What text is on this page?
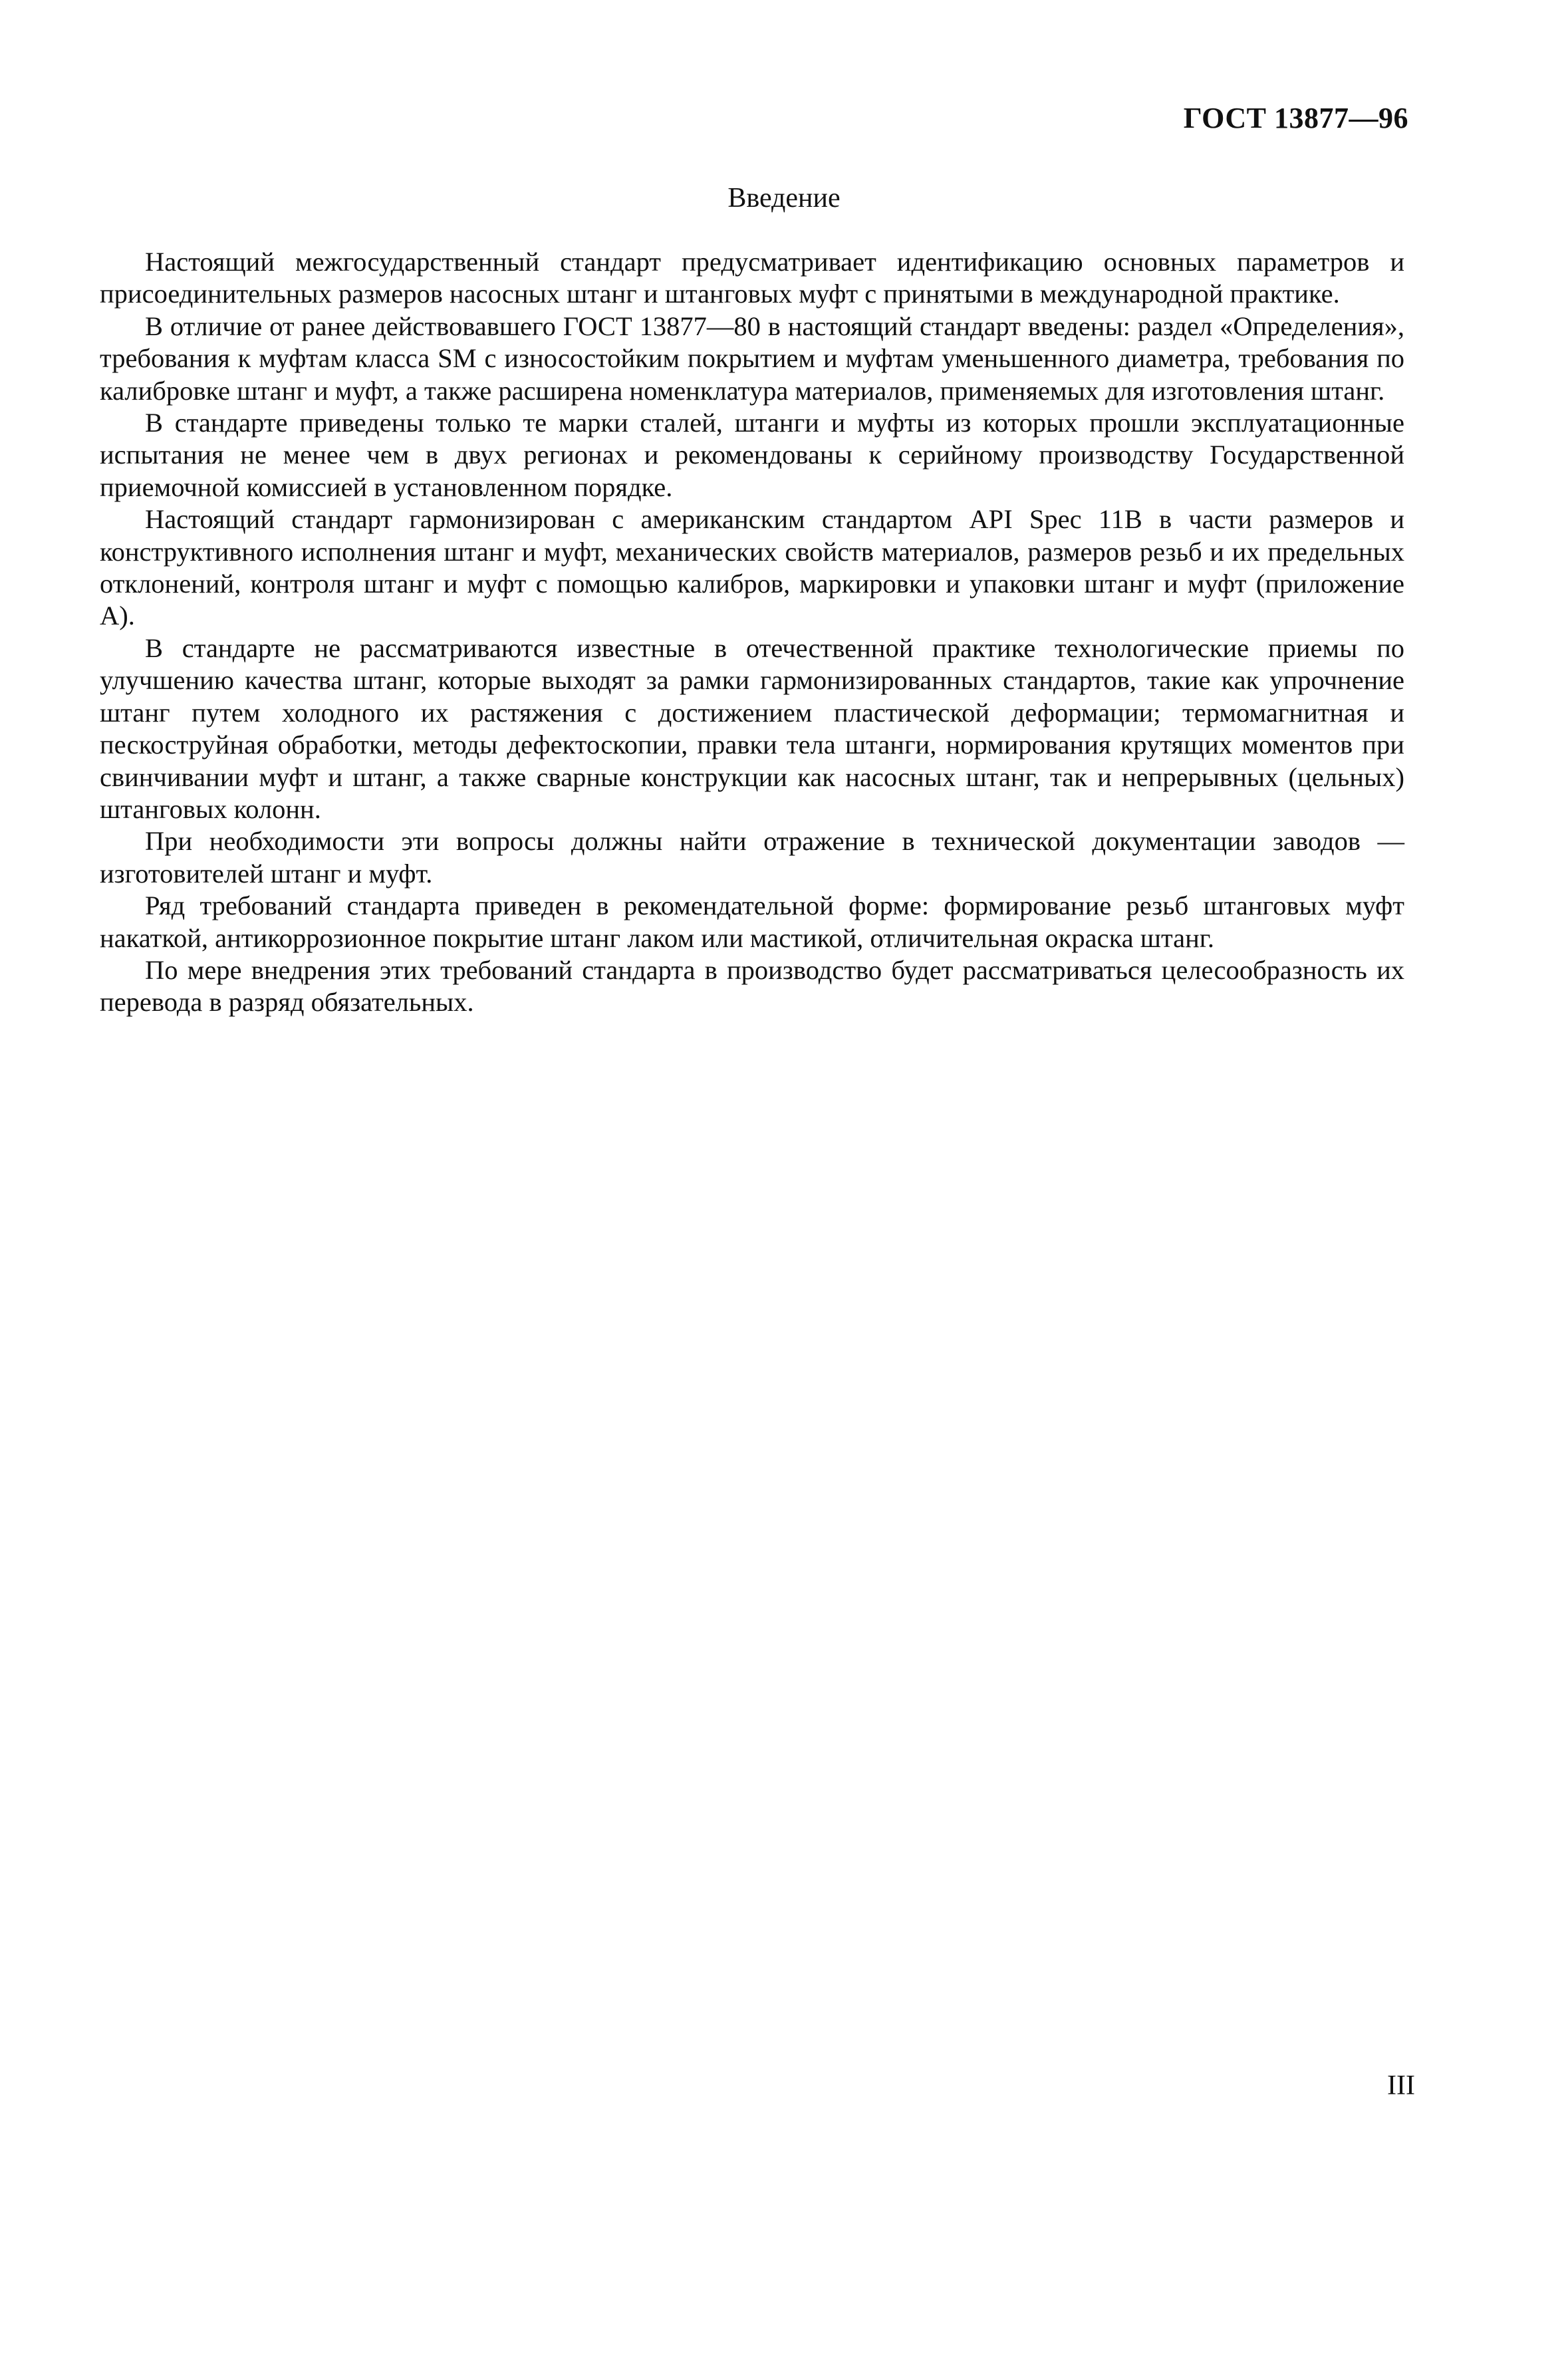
ГОСТ 13877—96
Введение

Настоящий межгосударственный стандарт предусматривает идентификацию основных параметров и присоединительных размеров насосных штанг и штанговых муфт с принятыми в международной практике.

В отличие от ранее действовавшего ГОСТ 13877—80 в настоящий стандарт введены: раздел «Определения», требования к муфтам класса SM с износостойким покрытием и муфтам уменьшенного диаметра, требования по калибровке штанг и муфт, а также расширена номенклатура материалов, применяемых для изготовления штанг.

В стандарте приведены только те марки сталей, штанги и муфты из которых прошли эксплуатационные испытания не менее чем в двух регионах и рекомендованы к серийному производству Государственной приемочной комиссией в установленном порядке.

Настоящий стандарт гармонизирован с американским стандартом API Spec 11B в части размеров и конструктивного исполнения штанг и муфт, механических свойств материалов, размеров резьб и их предельных отклонений, контроля штанг и муфт с помощью калибров, маркировки и упаковки штанг и муфт (приложение А).

В стандарте не рассматриваются известные в отечественной практике технологические приемы по улучшению качества штанг, которые выходят за рамки гармонизированных стандартов, такие как упрочнение штанг путем холодного их растяжения с достижением пластической деформации; термомагнитная и пескоструйная обработки, методы дефектоскопии, правки тела штанги, нормирования крутящих моментов при свинчивании муфт и штанг, а также сварные конструкции как насосных штанг, так и непрерывных (цельных) штанговых колонн.

При необходимости эти вопросы должны найти отражение в технической документации заводов — изготовителей штанг и муфт.

Ряд требований стандарта приведен в рекомендательной форме: формирование резьб штанговых муфт накаткой, антикоррозионное покрытие штанг лаком или мастикой, отличительная окраска штанг.

По мере внедрения этих требований стандарта в производство будет рассматриваться целесообразность их перевода в разряд обязательных.

III
